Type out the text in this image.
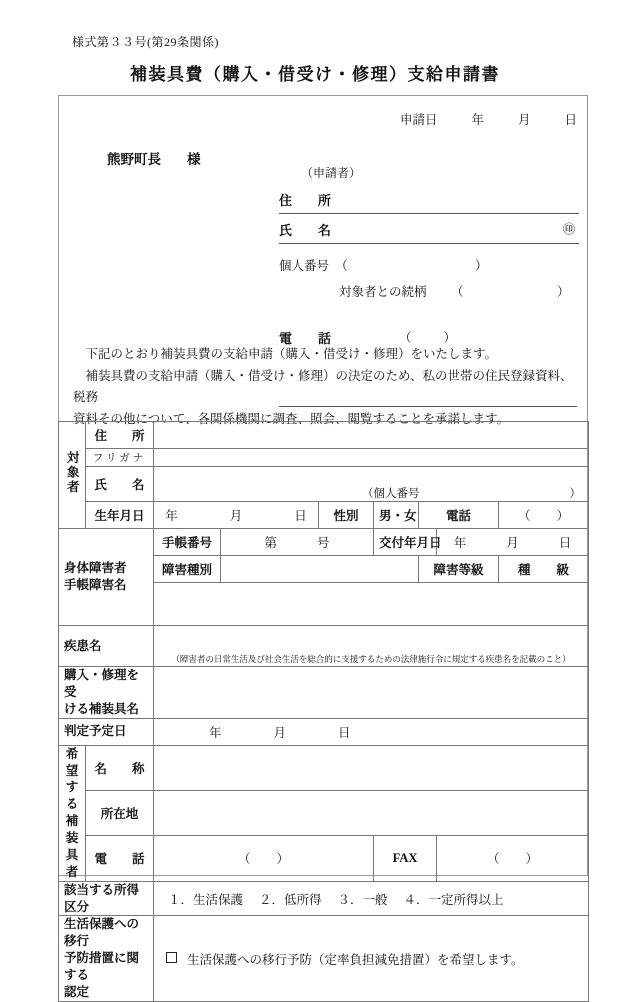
様式第３３号(第29条関係)
補装具費（購入・借受け・修理）支給申請書
申請日	年	月	日
熊野町長 様
（申請者）
住　　所
氏　　名	㊞
個人番号　（	）
対象者との続柄 （	）
電　　話	（	）

下記のとおり補装具費の支給申請（購入・借受け・修理）をいたします。

補装具費の支給申請（購入・借受け・修理）の決定のため、私の世帯の住民登録資料、税務

資料その他について、各関係機関に調査、照会、閲覧することを承諾します。

対象者	住　　所							
	フリガナ							
	氏　　名	（個人番号 ）						

	生年月日	年 月 日		性別	男・女	電話		（ ）
身体障害者
手帳障害名		手帳番号	第 号		交付年月日		年 月 日	
		障害種別				障害等級		種 級

疾患名		（障害者の日常生活及び社会生活を総合的に支援するための法律施行令に規定する疾患名を記載のこと）						

購入・修理を受
ける補装具名								
判定予定日		年 月 日						
希望す
る補装
具者	名　　称							
	所在地							
	電　　話	（ ）			FAX		（ ）	
該当する所得区分		１．生活保護 ２．低所得 ３．一般 ４．一定所得以上						
生活保護への移行
予防措置に関する
認定		生活保護への移行予防（定率負担減免措置）を希望します。						
